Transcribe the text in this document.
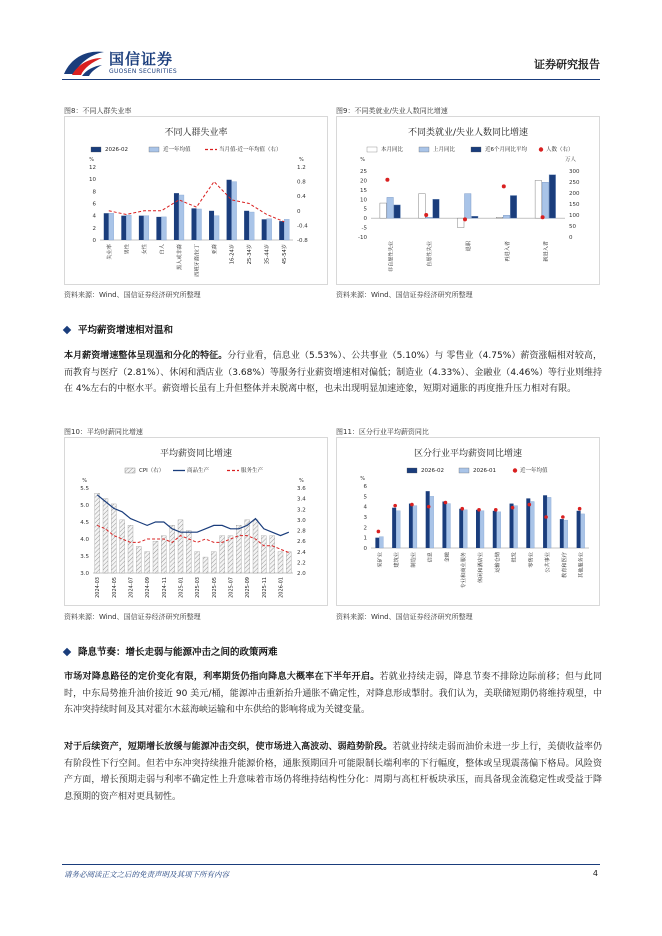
国信证券
GUOSEN SECURITIES
证券研究报告
图8：不同人群失业率
不同人群失业率
2026-02	近一年均值	当月值-近一年均值（右）
%	%
12
10
8
6
4
2
0
1.2
0.8
0.4
0
-0.4
-0.8
失业率	男性	女性	白人	黑人或非裔	西班牙裔/拉丁	亚裔	16-24岁	25-34岁	35-44岁	45-54岁
资料来源：Wind、国信证券经济研究所整理
图9：不同类就业/失业人数同比增速
不同类就业/失业人数同比增速
本月同比	上月同比	近6个月同比平均	人数（右）
%	万人
25
20
15
10
5
0
-5
-10
300
250
200
150
100
50
0
非自愿性失业	自愿性失业	退职	再进入者	新进入者
资料来源：Wind、国信证券经济研究所整理
平均薪资增速相对温和
本月薪资增速整体呈现温和分化的特征。分行业看，信息业（5.53%）、公共事业（5.10%）与 零售业（4.75%）薪资涨幅相对较高，而教育与医疗（2.81%）、休闲和酒店业（3.68%）等服务行业薪资增速相对偏低；制造业（4.33%）、金融业（4.46%）等行业则维持在 4%左右的中枢水平。薪资增长虽有上升但整体并未脱离中枢，也未出现明显加速迹象，短期对通胀的再度推升压力相对有限。
图10：平均时薪同比增速
平均薪资同比增速
CPI（右）	商品生产	服务生产
%	%
5.5
5.0
4.5
4.0
3.5
3.0
3.6
3.4
3.2
3.0
2.8
2.6
2.4
2.2
2.0
2024-03 2024-05 2024-07 2024-09 2024-11 2025-01 2025-03 2025-05 2025-07 2025-09 2025-11 2026-01
资料来源：Wind、国信证券经济研究所整理
图11：区分行业平均薪资同比
区分行业平均薪资同比增速
2026-02	2026-01	近一年均值
%
6
5
4
3
2
1
0
采矿业	建筑业	制造业	信息	金融	专业和商业服务	休闲和酒店业	运输仓储	批发	零售业	公共事业	教育和医疗	其他服务业
资料来源：Wind、国信证券经济研究所整理
降息节奏：增长走弱与能源冲击之间的政策两难
市场对降息路径的定价变化有限，利率期货仍指向降息大概率在下半年开启。若就业持续走弱，降息节奏不排除边际前移；但与此同时，中东局势推升油价接近 90 美元/桶，能源冲击重新抬升通胀不确定性，对降息形成掣肘。我们认为，美联储短期仍将维持观望，中东冲突持续时间及其对霍尔木兹海峡运输和中东供给的影响将成为关键变量。
对于后续资产，短期增长放缓与能源冲击交织，使市场进入高波动、弱趋势阶段。若就业持续走弱而油价未进一步上行，美债收益率仍有阶段性下行空间。但若中东冲突持续推升能源价格，通胀预期回升可能限制长端利率的下行幅度，整体或呈现震荡偏下格局。风险资产方面，增长预期走弱与利率不确定性上升意味着市场仍将维持结构性分化：周期与高杠杆板块承压，而具备现金流稳定性或受益于降息预期的资产相对更具韧性。
请务必阅读正文之后的免责声明及其项下所有内容	4
